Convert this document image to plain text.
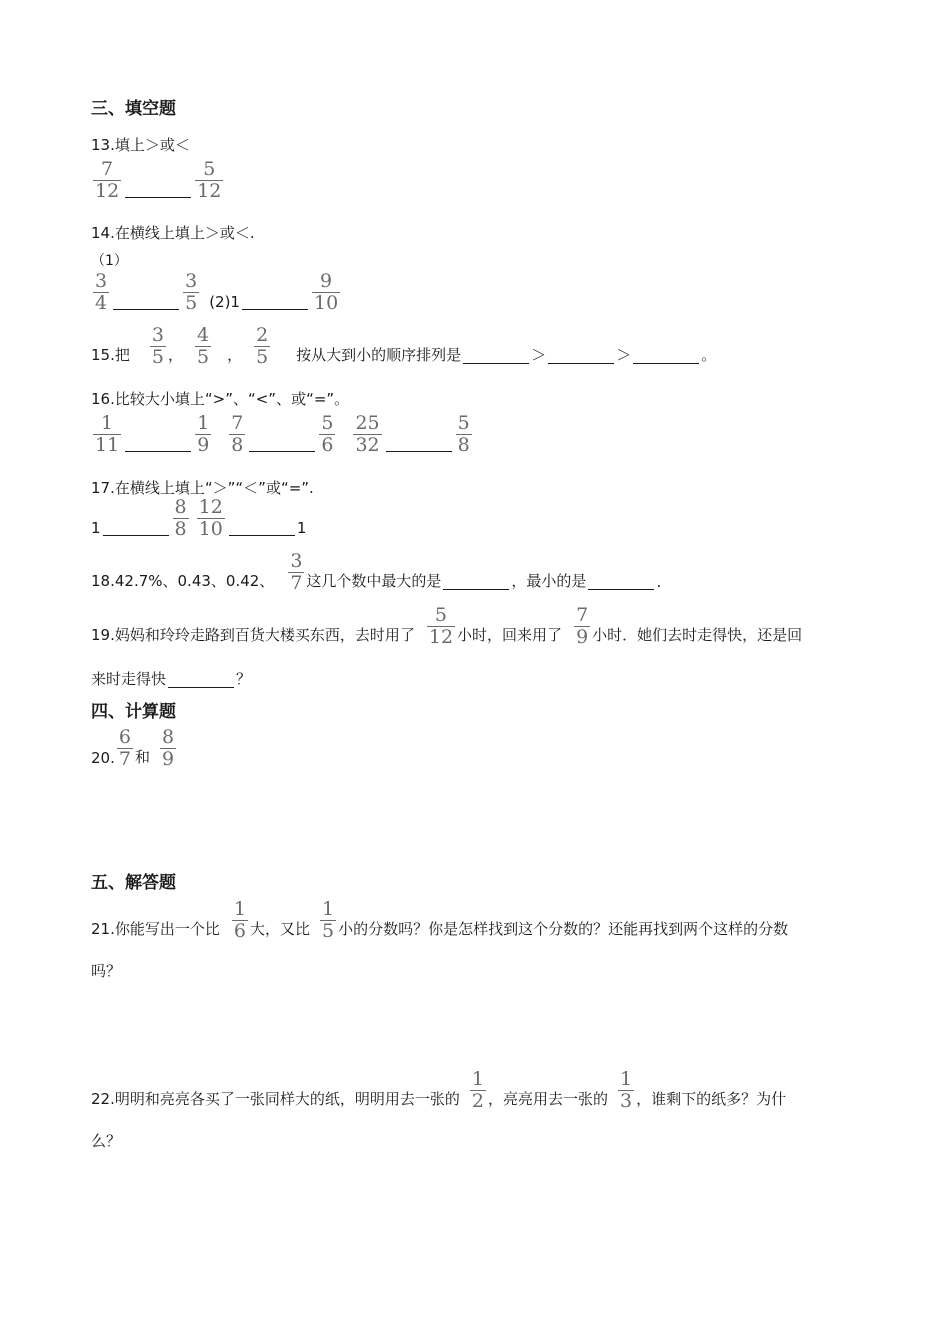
三、填空题
13.填上＞或＜
$\frac{7}{12}$	$\frac{5}{12}$
14.在横线上填上＞或＜.
（1）
$\frac{3}{4}$	$\frac{3}{5} (2)1$	$\frac{9}{10}$
15.把 $\frac{3}{5}$ ， $\frac{4}{5}$ ， $\frac{2}{5}$ 按从大到小的顺序排列是	＞	＞	。
16.比较大小填上“>”、“<”、或“=”。
$\frac{1}{11}$	$\frac{1}{9} \frac{7}{8}$	$\frac{5}{6} \frac{25}{32}$	$\frac{5}{8}$
17.在横线上填上“＞”“＜”或“=”.
1	$\frac{8}{8} \frac{12}{10}$	1
18.42.7%、0.43、0.42、 $\frac{3}{7}$ 这几个数中最大的是	，最小的是	.
19.妈妈和玲玲走路到百货大楼买东西，去时用了 $\frac{5}{12}$ 小时，回来用了 $\frac{7}{9}$ 小时．她们去时走得快，还是回
来时走得快	？
四、计算题
20. $\frac{6}{7}$ 和 $\frac{8}{9}$
五、解答题
21.你能写出一个比 $\frac{1}{6}$ 大，又比 $\frac{1}{5}$ 小的分数吗？你是怎样找到这个分数的？还能再找到两个这样的分数
吗？
22.明明和亮亮各买了一张同样大的纸，明明用去一张的 $\frac{1}{2}$ ，亮亮用去一张的 $\frac{1}{3}$ ，谁剩下的纸多？为什
么？
